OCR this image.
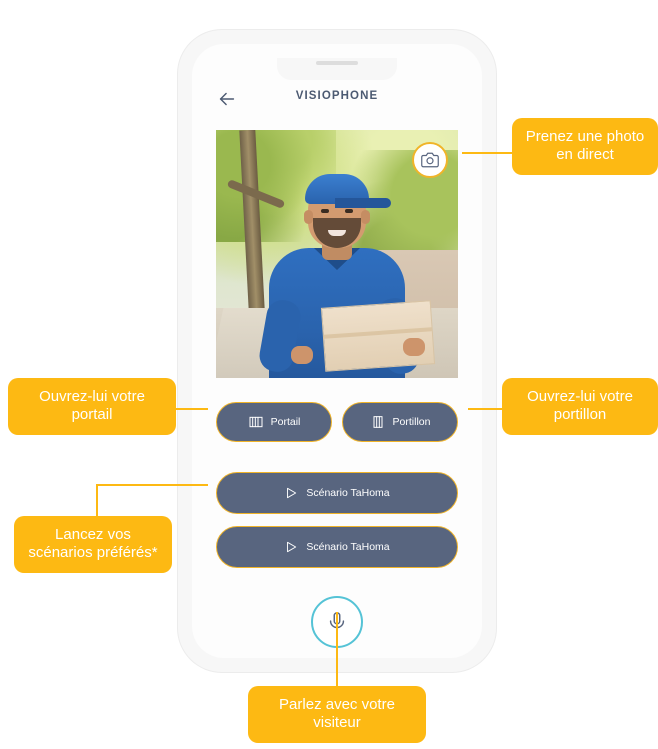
VISIOPHONE
Portail	Portillon
Scénario TaHoma
Scénario TaHoma
Prenez une photo en direct
Ouvrez-lui votre portail
Ouvrez-lui votre portillon
Lancez vos scénarios préférés*
Parlez avec votre visiteur
